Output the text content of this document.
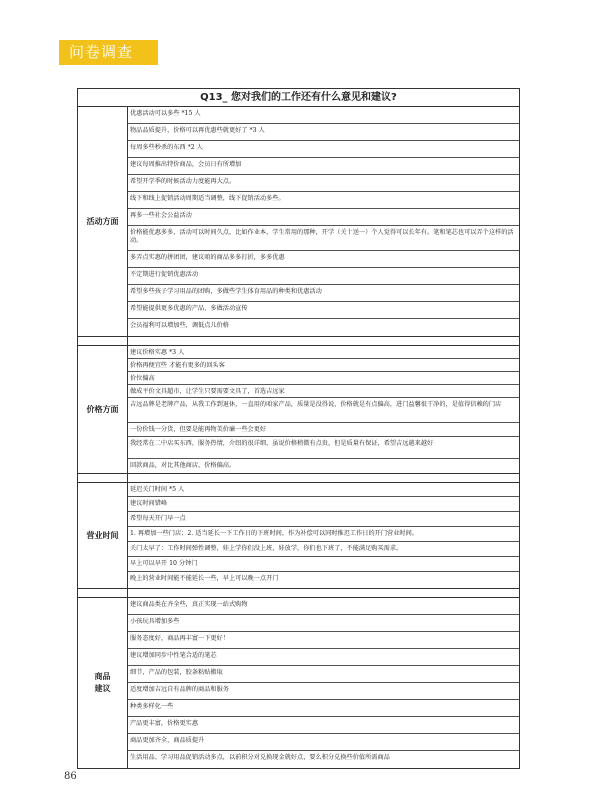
问卷调查
Q13_ 您对我们的工作还有什么意见和建议?
活动方面
优惠活动可以多些 *15 人
物品品质提升，价格可以再优惠些就更好了 *3 人
每周多些秒杀的东西 *2 人
建议每周推出特价商品，会员日有所增加
希望开学季的时候活动力度能再大点。
线下和线上促销活动周期适当调整，线下促销活动多些。
再多一些社会公益活动
价格能优惠多多，活动可以时间久点，比如作业本，学生常用的那种，开学（关十送一）个人觉得可以长年有。笔和笔芯也可以弄个这样的活动。
多弄点实惠的拼团团，建议咱的商品多多打折，多多优惠
不定期进行促销优惠活动
希望多些孩子学习用品的团购，多做些学生体育用品的种类和优惠活动
希望能提供更多优惠的产品，多做活动宣传
会员福利可以增加些，调低点儿价格
价格方面
建议价格实惠 *3 人
价格再便宜些 才能有更多的回头客
价位偏高
做成平价文具超市，让学生只要需要文具了，首选吉远家
吉远品牌是老牌产品，从我工作到退休，一直用的咱家产品，质量是没得说，价格就是有点偏高，进门益馨很干净的，是值得信赖的门店
一份价钱一分货，但要是能再物美价廉一些会更好
我经常在二中店买东西，服务热情，介绍的很详细，虽说价格稍微有点贵，但是质量有保证，希望吉远越来越好
回款商品，对比其他商店，价格偏高。
营业时间
延迟关门时间 *5 人
建议时间错峰
希望每天开门早一点
1. 再增加一些门店；2. 适当延长一下工作日的下班时间，作为补偿可以同时推迟工作日的开门营业时间。
关门太早了：工作时间弹性调整，娃上学你们没上班，娃放学，你们也下班了，不能满足购买需求。
早上可以早开 10 分钟门
晚上的营业时间能不能延长一些，早上可以晚一点开门
商品
建议
建议商品类在齐全些，真正实现一站式购物
小孩玩具增加多些
服务态度好，商品再丰富一下更好！
建议增加同步中性笔合适的笔芯
细节，产品的包装，胶条粘贴搬取
适度增加吉远自有品牌的商品和服务
种类多样化一些
产品更丰富，价格更实惠
商品更加齐全，商品质提升
生活用品、学习用品促销活动多点，以前积分对兑换现金就好点，要么积分兑换些价值所需商品
86
